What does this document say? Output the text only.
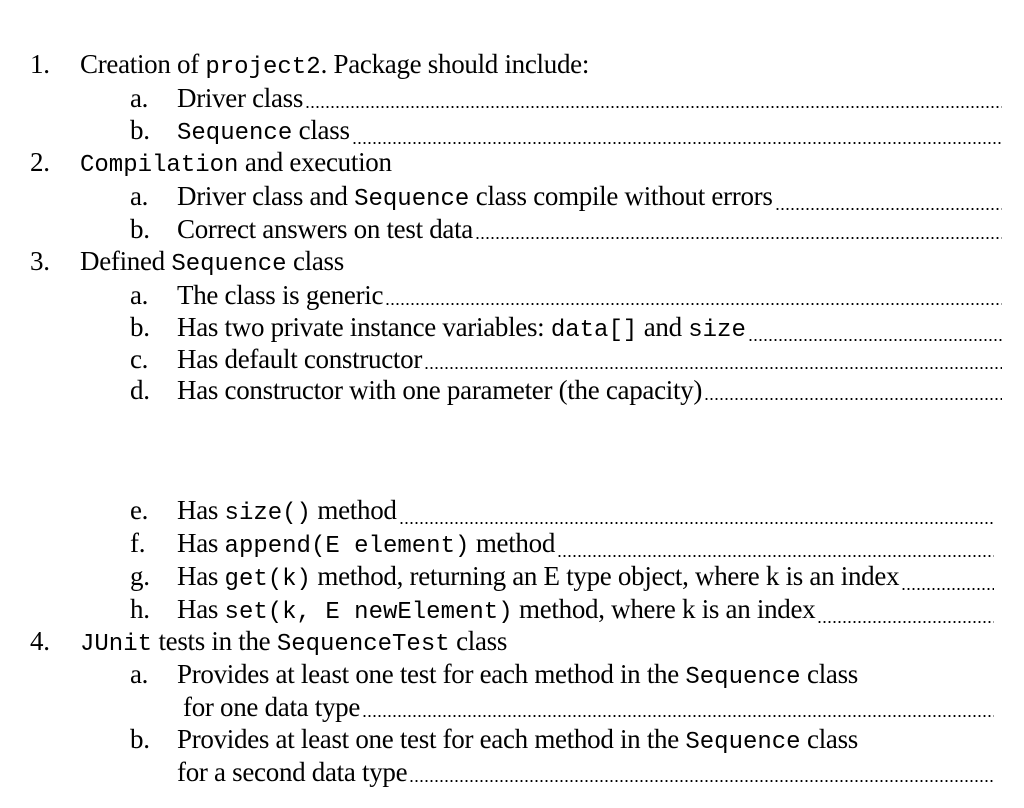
1. Creation of project2. Package should include:
a.	Driver class
b.	Sequence class
2. Compilation and execution
a.	Driver class and Sequence class compile without errors
b.	Correct answers on test data
3. Defined Sequence class
a.	The class is generic
b.	Has two private instance variables: data[] and size
c.	Has default constructor
d.	Has constructor with one parameter (the capacity)
e.	Has size() method
f.	Has append(E element) method
g.	Has get(k) method, returning an E type object, where k is an index
h.	Has set(k, E newElement) method, where k is an index
4. JUnit tests in the SequenceTest class
a.	Provides at least one test for each method in the Sequence class
for one data type
b.	Provides at least one test for each method in the Sequence class
for a second data type
